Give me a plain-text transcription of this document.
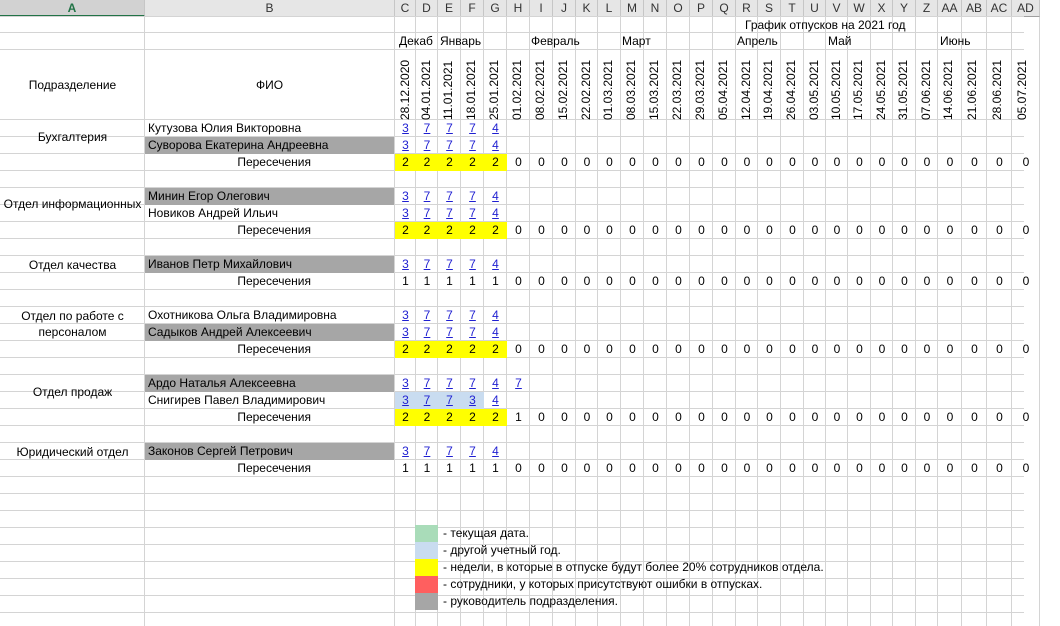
A	B	C	D	E	F	G	H	I	J	K	L	M	N	O	P	Q	R	S	T	U	V	W	X	Y	Z AA AB AC AD
График отпусков на 2021 год
Подразделение	ФИО
Декаб Январь	Февраль	Март	Апрель	Май	Июнь
28.12.2020 04.01.2021 11.01.2021 18.01.2021 25.01.2021 01.02.2021 08.02.2021 15.02.2021 22.02.2021 01.03.2021 08.03.2021 15.03.2021 22.03.2021 29.03.2021 05.04.2021 12.04.2021 19.04.2021 26.04.2021 03.05.2021 10.05.2021 17.05.2021 24.05.2021 31.05.2021 07.06.2021 14.06.2021 21.06.2021 28.06.2021 05.07.2021
Бухгалтерия
Кутузова Юлия Викторовна	3	7	7	7	4
Суворова Екатерина Андреевна	3	7	7	7	4
Пересечения	2	2	2	2	2	0	0	0	0	0	0	0	0	0	0	0	0	0	0	0	0	0	0	0	0	0	0	0
Отдел информационных
Минин Егор Олегович	3	7	7	7	4
Новиков Андрей Ильич	3	7	7	7	4
Пересечения	2	2	2	2	2	0	0	0	0	0	0	0	0	0	0	0	0	0	0	0	0	0	0	0	0	0	0	0
Отдел качества	Иванов Петр Михайлович	3	7	7	7	4
Пересечения	1	1	1	1	1	0	0	0	0	0	0	0	0	0	0	0	0	0	0	0	0	0	0	0	0	0	0	0
Отдел по работе с персоналом
Охотникова Ольга Владимировна	3	7	7	7	4
Садыков Андрей Алексеевич	3	7	7	7	4
Пересечения	2	2	2	2	2	0	0	0	0	0	0	0	0	0	0	0	0	0	0	0	0	0	0	0	0	0	0	0
Отдел продаж
Ардо Наталья Алексеевна	3	7	7	7	4	7
Снигирев Павел Владимирович	3	7	7	3	4
Пересечения	2	2	2	2	2	1	0	0	0	0	0	0	0	0	0	0	0	0	0	0	0	0	0	0	0	0	0	0
Юридический отдел	Законов Сергей Петрович	3	7	7	7	4
Пересечения	1	1	1	1	1	0	0	0	0	0	0	0	0	0	0	0	0	0	0	0	0	0	0	0	0	0	0	0
- текущая дата.
- другой учетный год.
- недели, в которые в отпуске будут более 20% сотрудников отдела.
- сотрудники, у которых присутствуют ошибки в отпусках.
- руководитель подразделения.
